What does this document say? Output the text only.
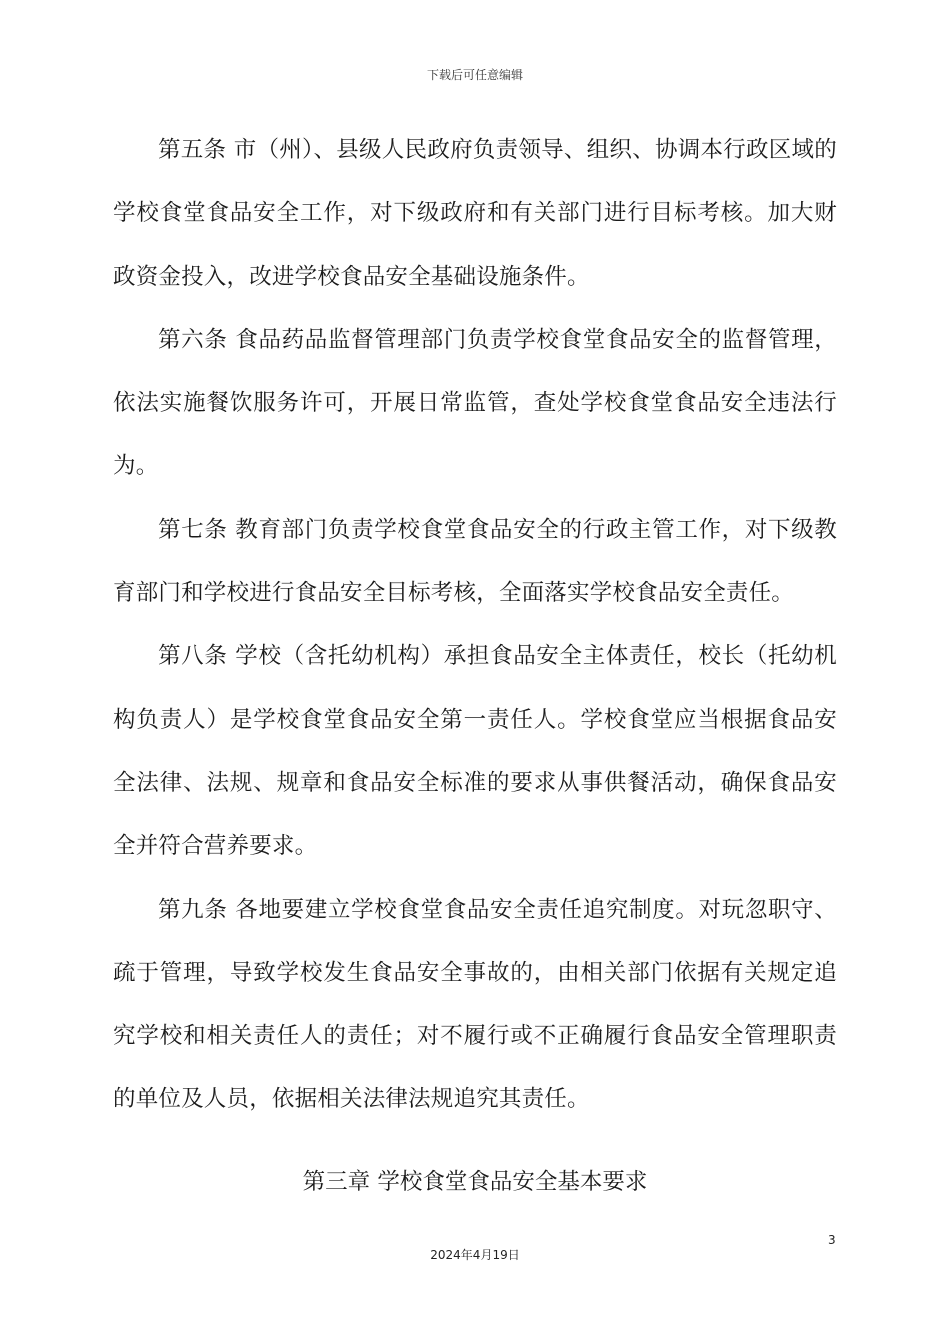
下载后可任意编辑

第五条 市（州）、县级人民政府负责领导、组织、协调本行政区域的学校食堂食品安全工作，对下级政府和有关部门进行目标考核。加大财政资金投入，改进学校食品安全基础设施条件。

第六条 食品药品监督管理部门负责学校食堂食品安全的监督管理，依法实施餐饮服务许可，开展日常监管，查处学校食堂食品安全违法行为。

第七条 教育部门负责学校食堂食品安全的行政主管工作，对下级教育部门和学校进行食品安全目标考核，全面落实学校食品安全责任。

第八条 学校（含托幼机构）承担食品安全主体责任，校长（托幼机构负责人）是学校食堂食品安全第一责任人。学校食堂应当根据食品安全法律、法规、规章和食品安全标准的要求从事供餐活动，确保食品安全并符合营养要求。

第九条 各地要建立学校食堂食品安全责任追究制度。对玩忽职守、疏于管理，导致学校发生食品安全事故的，由相关部门依据有关规定追究学校和相关责任人的责任；对不履行或不正确履行食品安全管理职责的单位及人员，依据相关法律法规追究其责任。

第三章 学校食堂食品安全基本要求
3
2024年4月19日
